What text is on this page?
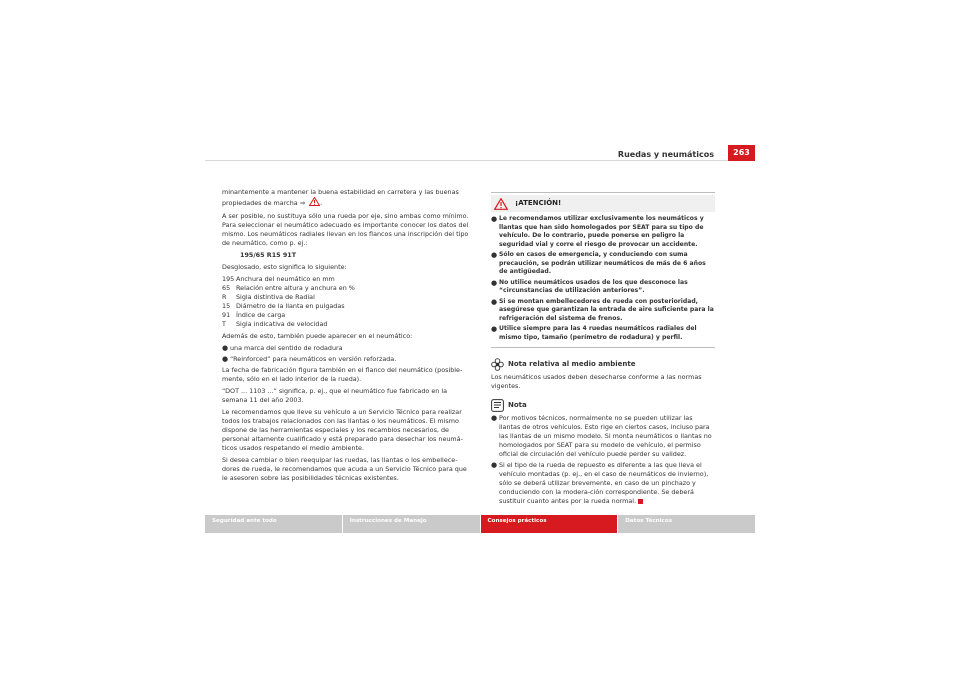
Ruedas y neumáticos	263

minantemente a mantener la buena estabilidad en carretera y las buenas propiedades de marcha ⇒ .

A ser posible, no sustituya sólo una rueda por eje, sino ambas como mínimo. Para seleccionar el neumático adecuado es importante conocer los datos del mismo. Los neumáticos radiales llevan en los flancos una inscripción del tipo de neumático, como p. ej.:

195/65 R15 91T

Desglosado, esto significa lo siguiente:

195 Anchura del neumático en mm
65 Relación entre altura y anchura en %
R	Sigla distintiva de Radial
15 Diámetro de la llanta en pulgadas
91 Índice de carga
T	Sigla indicativa de velocidad

Además de esto, también puede aparecer en el neumático:

● una marca del sentido de rodadura
● “Reinforced” para neumáticos en versión reforzada.

La fecha de fabricación figura también en el flanco del neumático (posible-mente, sólo en el lado interior de la rueda).

“DOT ... 1103 ...” significa, p. ej., que el neumático fue fabricado en la semana 11 del año 2003.

Le recomendamos que lleve su vehículo a un Servicio Técnico para realizar todos los trabajos relacionados con las llantas o los neumáticos. El mismo dispone de las herramientas especiales y los recambios necesarios, de personal altamente cualificado y está preparado para desechar los neumá-ticos usados respetando el medio ambiente.

Si desea cambiar o bien reequipar las ruedas, las llantas o los embellece-dores de rueda, le recomendamos que acuda a un Servicio Técnico para que le asesoren sobre las posibilidades técnicas existentes.

¡ATENCIÓN!
● Le recomendamos utilizar exclusivamente los neumáticos y llantas que han sido homologados por SEAT para su tipo de vehículo. De lo contrario, puede ponerse en peligro la seguridad vial y corre el riesgo de provocar un accidente.
● Sólo en casos de emergencia, y conduciendo con suma precaución, se podrán utilizar neumáticos de más de 6 años de antigüedad.
● No utilice neumáticos usados de los que desconoce las “circunstancias de utilización anteriores”.
● Si se montan embellecedores de rueda con posterioridad, asegúrese que garantizan la entrada de aire suficiente para la refrigeración del sistema de frenos.
● Utilice siempre para las 4 ruedas neumáticos radiales del mismo tipo, tamaño (perímetro de rodadura) y perfil.
Nota relativa al medio ambiente

Los neumáticos usados deben desecharse conforme a las normas vigentes.

Nota
● Por motivos técnicos, normalmente no se pueden utilizar las llantas de otros vehículos. Esto rige en ciertos casos, incluso para las llantas de un mismo modelo. Si monta neumáticos o llantas no homologados por SEAT para su modelo de vehículo, el permiso oficial de circulación del vehículo puede perder su validez.
● Si el tipo de la rueda de repuesto es diferente a las que lleva el vehículo montadas (p. ej., en el caso de neumáticos de invierno), sólo se deberá utilizar brevemente, en caso de un pinchazo y conduciendo con la modera-ción correspondiente. Se deberá sustituir cuanto antes por la rueda normal.
Seguridad ante todo	Instrucciones de Manejo	Consejos prácticos	Datos Técnicos
